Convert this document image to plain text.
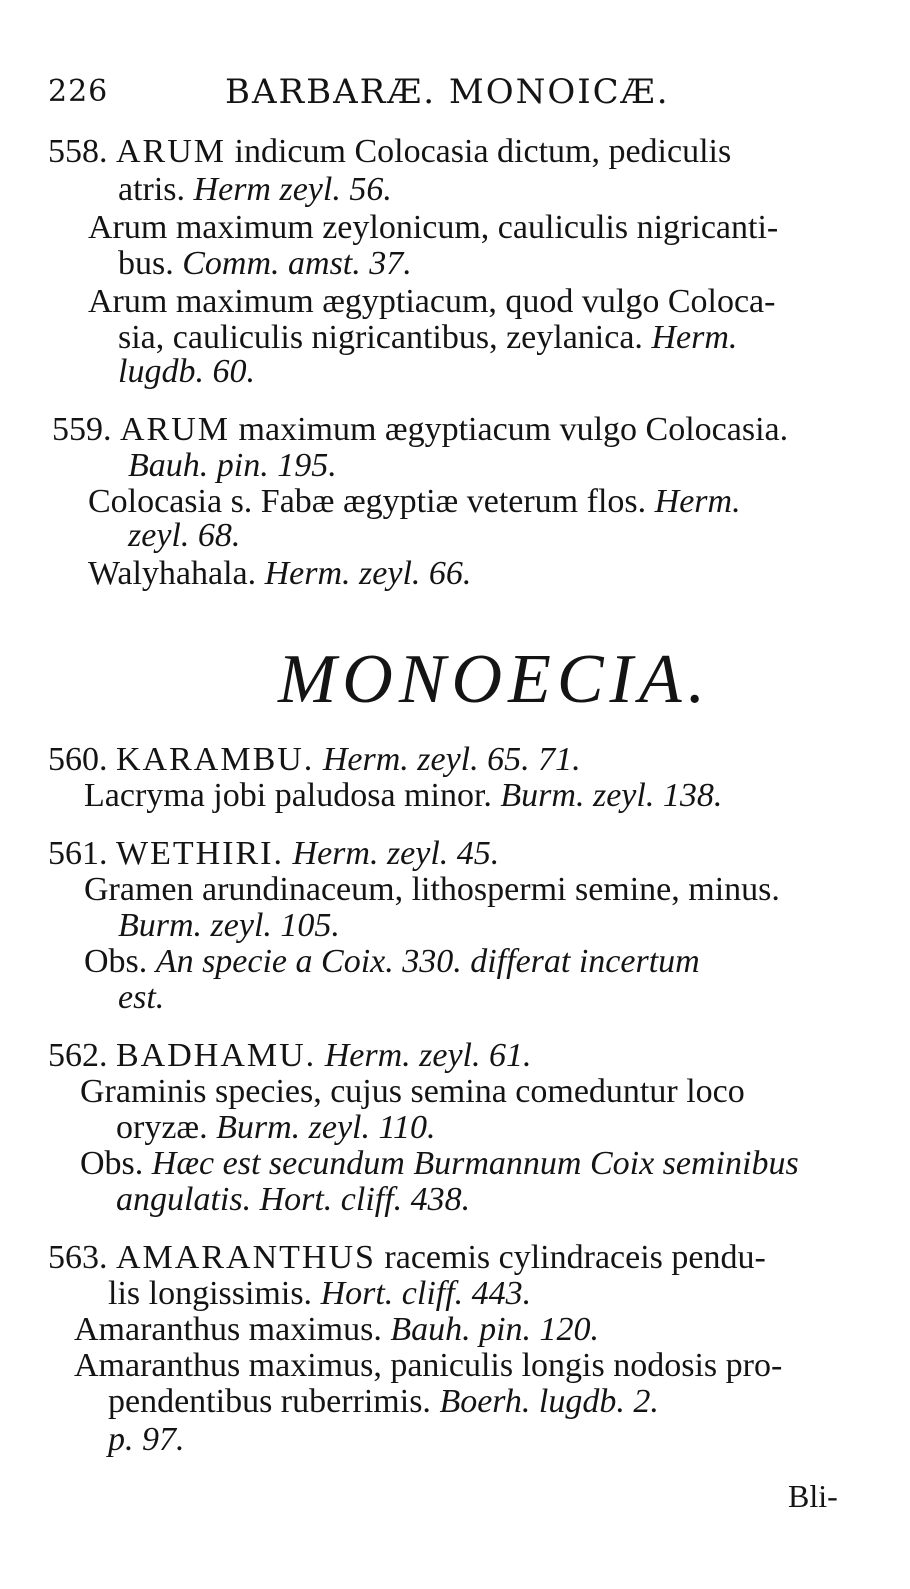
226	BARBARÆ. MONOICÆ.
558. ARUM indicum Colocasia dictum, pediculis
atris. Herm zeyl. 56.
Arum maximum zeylonicum, cauliculis nigricanti-
bus. Comm. amst. 37.
Arum maximum ægyptiacum, quod vulgo Coloca-
sia, cauliculis nigricantibus, zeylanica. Herm.
lugdb. 60.
559. ARUM maximum ægyptiacum vulgo Colocasia.
Bauh. pin. 195.
Colocasia s. Fabæ ægyptiæ veterum flos. Herm.
zeyl. 68.
Walyhahala. Herm. zeyl. 66.
MONOECIA.
560. KARAMBU. Herm. zeyl. 65. 71.
Lacryma jobi paludosa minor. Burm. zeyl. 138.
561. WETHIRI. Herm. zeyl. 45.
Gramen arundinaceum, lithospermi semine, minus.
Burm. zeyl. 105.
Obs. An specie a Coix. 330. differat incertum
est.
562. BADHAMU. Herm. zeyl. 61.
Graminis species, cujus semina comeduntur loco
oryzæ. Burm. zeyl. 110.
Obs. Hæc est secundum Burmannum Coix seminibus
angulatis. Hort. cliff. 438.
563. AMARANTHUS racemis cylindraceis pendu-
lis longissimis. Hort. cliff. 443.
Amaranthus maximus. Bauh. pin. 120.
Amaranthus maximus, paniculis longis nodosis pro-
pendentibus ruberrimis. Boerh. lugdb. 2.
p. 97.
Bli-
